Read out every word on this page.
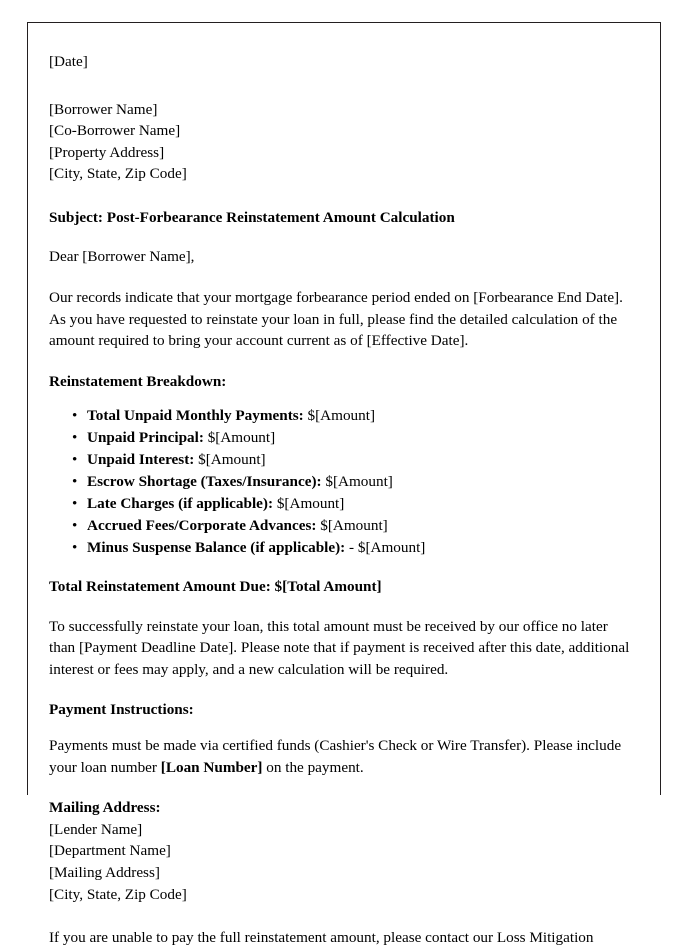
[Date]

[Borrower Name]

[Co-Borrower Name]

[Property Address]

[City, State, Zip Code]

Subject: Post-Forbearance Reinstatement Amount Calculation

Dear [Borrower Name],

Our records indicate that your mortgage forbearance period ended on [Forbearance End Date]. As you have requested to reinstate your loan in full, please find the detailed calculation of the amount required to bring your account current as of [Effective Date].

Reinstatement Breakdown:

• Total Unpaid Monthly Payments: $[Amount]
• Unpaid Principal: $[Amount]
• Unpaid Interest: $[Amount]
• Escrow Shortage (Taxes/Insurance): $[Amount]
• Late Charges (if applicable): $[Amount]
• Accrued Fees/Corporate Advances: $[Amount]
• Minus Suspense Balance (if applicable): - $[Amount]

Total Reinstatement Amount Due: $[Total Amount]

To successfully reinstate your loan, this total amount must be received by our office no later than [Payment Deadline Date]. Please note that if payment is received after this date, additional interest or fees may apply, and a new calculation will be required.

Payment Instructions:

Payments must be made via certified funds (Cashier's Check or Wire Transfer). Please include your loan number [Loan Number] on the payment.

Mailing Address:

[Lender Name]

[Department Name]

[Mailing Address]

[City, State, Zip Code]

If you are unable to pay the full reinstatement amount, please contact our Loss Mitigation
